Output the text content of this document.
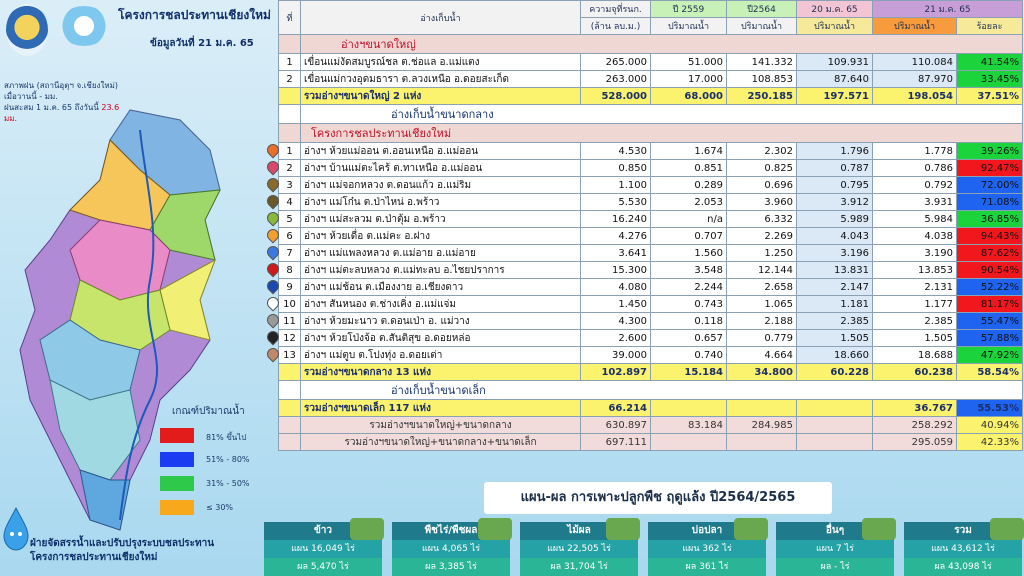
โครงการชลประทานเชียงใหม่
ข้อมูลวันที่ 21 ม.ค. 65
สภาพฝน (สถานีอุตุฯ จ.เชียงใหม่)
เมื่อวานนี้ - มม.
ฝนสะสม 1 ม.ค. 65 ถึงวันนี้ 23.6 มม.
เกณฑ์ปริมาณน้ำ
81% ขึ้นไป
51% - 80%
31% - 50%
≤ 30%
ฝ่ายจัดสรรน้ำและปรับปรุงระบบชลประทาน
โครงการชลประทานเชียงใหม่
ที่	อ่างเก็บน้ำ	ความจุที่รนก.	ปี 2559	ปี2564	20 ม.ค. 65	21 ม.ค. 65	
		(ล้าน ลบ.ม.)	ปริมาณน้ำ	ปริมาณน้ำ	ปริมาณน้ำ	ปริมาณน้ำ	ร้อยละ
	อ่างฯขนาดใหญ่						
1	เขื่อนแม่งัดสมบูรณ์ชล ต.ช่อแล อ.แม่แตง	265.000	51.000	141.332	109.931	110.084	41.54%
2	เขื่อนแม่กวงอุดมธารา ต.ลวงเหนือ อ.ดอยสะเก็ด	263.000	17.000	108.853	87.640	87.970	33.45%
	รวมอ่างฯขนาดใหญ่ 2 แห่ง	528.000	68.000	250.185	197.571	198.054	37.51%
	อ่างเก็บน้ำขนาดกลาง						
	โครงการชลประทานเชียงใหม่						

1	อ่างฯ ห้วยแม่ออน ต.ออนเหนือ อ.แม่ออน	4.530	1.674	2.302	1.796	1.778	39.26%

2	อ่างฯ บ้านแม่ตะไคร้ ต.ทาเหนือ อ.แม่ออน	0.850	0.851	0.825	0.787	0.786	92.47%

3	อ่างฯ แม่จอกหลวง ต.ดอนแก้ว อ.แม่ริม	1.100	0.289	0.696	0.795	0.792	72.00%

4	อ่างฯ แม่โก๋น ต.ป่าไหน่ อ.พร้าว	5.530	2.053	3.960	3.912	3.931	71.08%

5	อ่างฯ แม่สะลวม ต.ป่าตุ้ม อ.พร้าว	16.240	n/a	6.332	5.989	5.984	36.85%

6	อ่างฯ ห้วยเดื่อ ต.แม่คะ อ.ฝาง	4.276	0.707	2.269	4.043	4.038	94.43%

7	อ่างฯ แม่แพลงหลวง ต.แม่อาย อ.แม่อาย	3.641	1.560	1.250	3.196	3.190	87.62%

8	อ่างฯ แม่ตะลบหลวง ต.แม่ทะลบ อ.ไชยปราการ	15.300	3.548	12.144	13.831	13.853	90.54%

9	อ่างฯ แม่ช้อน ต.เมืองงาย อ.เชียงดาว	4.080	2.244	2.658	2.147	2.131	52.22%

10	อ่างฯ สันหนอง ต.ช่างเคิ่ง อ.แม่แจ่ม	1.450	0.743	1.065	1.181	1.177	81.17%

11	อ่างฯ ห้วยมะนาว ต.ดอนเป่า อ. แม่วาง	4.300	0.118	2.188	2.385	2.385	55.47%

12	อ่างฯ ห้วยโป่งจ้อ ต.สันติสุข อ.ดอยหล่อ	2.600	0.657	0.779	1.505	1.505	57.88%

13	อ่างฯ แม่ตูบ ต.โปงทุ่ง อ.ดอยเต่า	39.000	0.740	4.664	18.660	18.688	47.92%
	รวมอ่างฯขนาดกลาง 13 แห่ง	102.897	15.184	34.800	60.228	60.238	58.54%
	อ่างเก็บน้ำขนาดเล็ก						
	รวมอ่างฯขนาดเล็ก 117 แห่ง	66.214				36.767	55.53%
	รวมอ่างฯขนาดใหญ่+ขนาดกลาง	630.897	83.184	284.985		258.292	40.94%
	รวมอ่างฯขนาดใหญ่+ขนาดกลาง+ขนาดเล็ก	697.111				295.059	42.33%
แผน-ผล การเพาะปลูกพืช ฤดูแล้ง ปี2564/2565
ข้าว
แผน 16,049 ไร่
ผล 5,470 ไร่
พืชไร่/พืชผล
แผน 4,065 ไร่
ผล 3,385 ไร่
ไม้ผล
แผน 22,505 ไร่
ผล 31,704 ไร่
บ่อปลา
แผน 362 ไร่
ผล 361 ไร่
อื่นๆ
แผน 7 ไร่
ผล - ไร่
รวม
แผน 43,612 ไร่
ผล 43,098 ไร่
